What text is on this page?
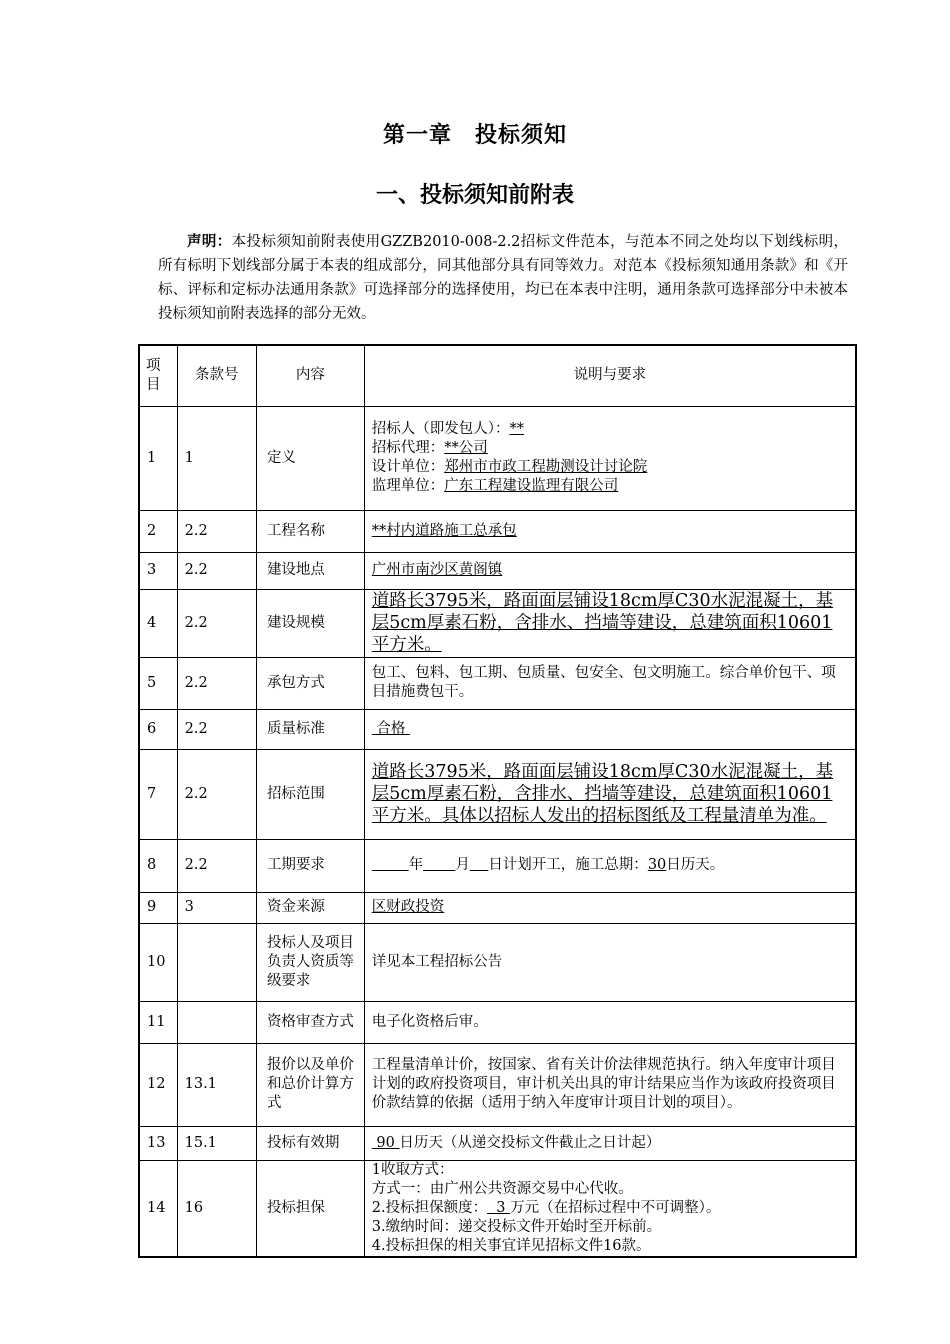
第一章　投标须知
一、投标须知前附表
声明：本投标须知前附表使用GZZB2010-008-2.2招标文件范本，与范本不同之处均以下划线标明，所有标明下划线部分属于本表的组成部分，同其他部分具有同等效力。对范本《投标须知通用条款》和《开标、评标和定标办法通用条款》可选择部分的选择使用，均已在本表中注明，通用条款可选择部分中未被本投标须知前附表选择的部分无效。
项目	条款号	内容	说明与要求
1	1	定义	招标人（即发包人）：**
招标代理：**公司
设计单位：郑州市市政工程勘测设计讨论院
监理单位：广东工程建设监理有限公司

2	2.2	工程名称	**村内道路施工总承包
3	2.2	建设地点	广州市南沙区黄阁镇
4	2.2	建设规模	道路长3795米，路面面层铺设18cm厚C30水泥混凝土，基层5cm厚素石粉，含排水、挡墙等建设，总建筑面积10601平方米。
5	2.2	承包方式	包工、包料、包工期、包质量、包安全、包文明施工。综合单价包干、项目措施费包干。
6	2.2	质量标准	合格
7	2.2	招标范围	道路长3795米，路面面层铺设18cm厚C30水泥混凝土，基层5cm厚素石粉，含排水、挡墙等建设，总建筑面积10601平方米。具体以招标人发出的招标图纸及工程量清单为准。
8	2.2	工期要求	年 月 日计划开工，施工总期：30日历天。
9	3	资金来源	区财政投资
10		投标人及项目负责人资质等级要求	详见本工程招标公告
11		资格审查方式	电子化资格后审。
12	13.1	报价以及单价和总价计算方式	工程量清单计价，按国家、省有关计价法律规范执行。纳入年度审计项目计划的政府投资项目，审计机关出具的审计结果应当作为该政府投资项目价款结算的依据（适用于纳入年度审计项目计划的项目）。
13	15.1	投标有效期	90 日历天（从递交投标文件截止之日计起）
14	16	投标担保	1收取方式：
方式一：由广州公共资源交易中心代收。
2.投标担保额度：  3 万元（在招标过程中不可调整）。
3.缴纳时间：递交投标文件开始时至开标前。
4.投标担保的相关事宜详见招标文件16款。
